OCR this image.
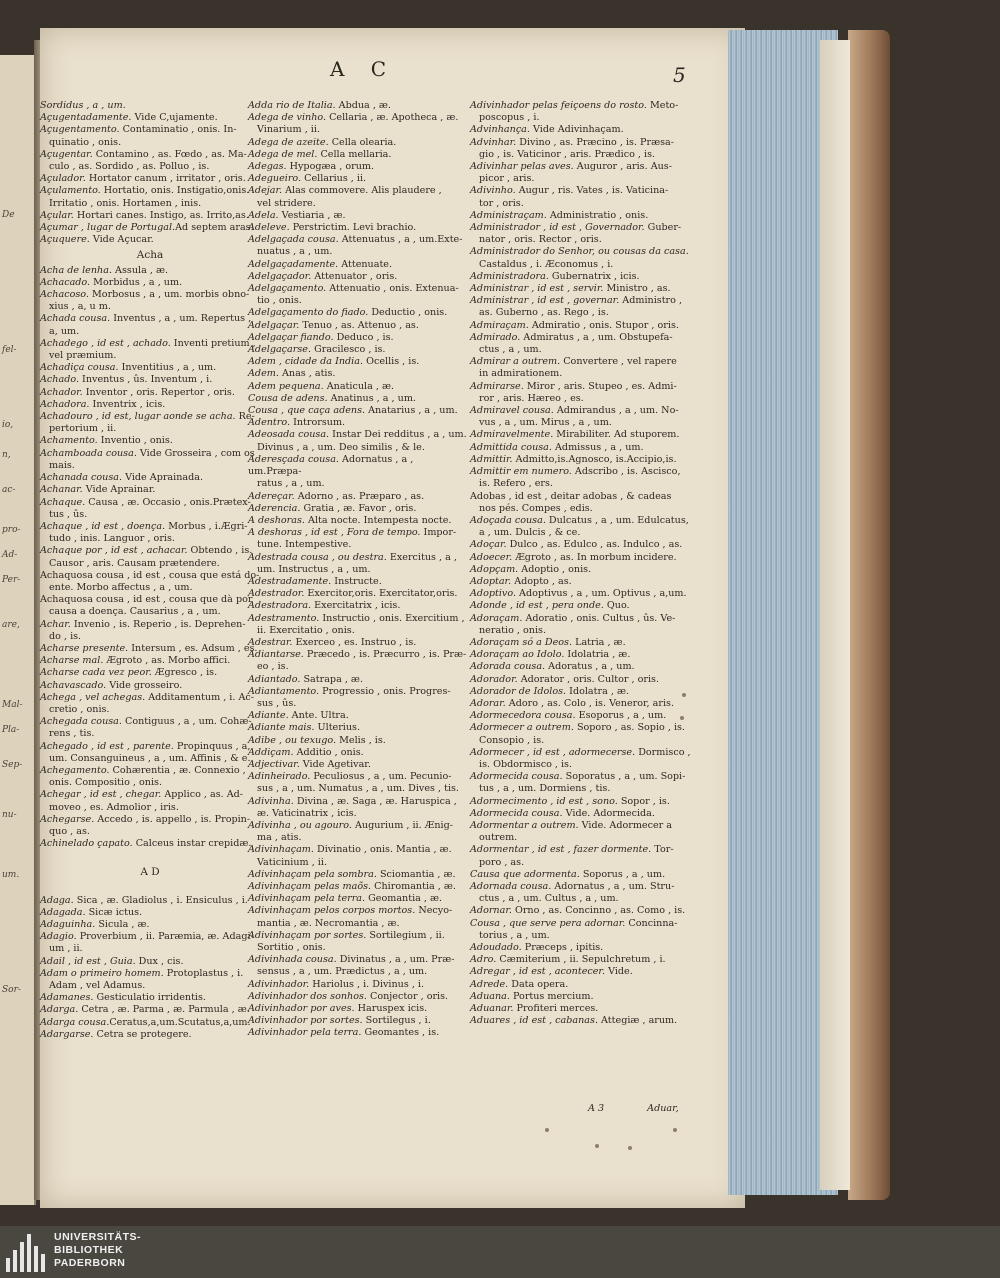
De
fel-
io,
n,
ac-
pro-
Ad-
Per-
are,
Mal-
Pla-
Sep-
nu-
um.
Sor-
A C	5
Sordidus , a , um.
Açugentadamente. Vide C,ujamente.
Açugentamento. Contaminatio , onis. In-
quinatio , onis.
Açugentar. Contamino , as. Fœdo , as. Ma-
culo , as. Sordido , as. Polluo , is.
Açulador. Hortator canum , irritator , oris.
Açulamento. Hortatio, onis. Instigatio,onis.
Irritatio , onis. Hortamen , inis.
Açular. Hortari canes. Instigo, as. Irrito,as.
Açumar , lugar de Portugal.Ad septem aras.
Açuquere. Vide Açucar.
Acha
Acha de lenha. Assula , æ.
Achacado. Morbidus , a , um.
Achacoso. Morbosus , a , um. morbis obno-
xius , a, u m.
Achada cousa. Inventus , a , um. Repertus ,
a, um.
Achadego , id est , achado. Inventi pretium ,
vel præmium.
Achadiça cousa. Inventitius , a , um.
Achado. Inventus , ûs. Inventum , i.
Achador. Inventor , oris. Repertor , oris.
Achadora. Inventrix , icis.
Achadouro , id est, lugar aonde se acha. Re-
pertorium , ii.
Achamento. Inventio , onis.
Achamboada cousa. Vide Grosseira , com os
mais.
Achanada cousa. Vide Aprainada.
Achanar. Vide Aprainar.
Achaque. Causa , æ. Occasio , onis.Prætex-
tus , ûs.
Achaque , id est , doença. Morbus , i.Ægri-
tudo , inis. Languor , oris.
Achaque por , id est , achacar. Obtendo , is.
Causor , aris. Causam prætendere.
Achaquosa cousa , id est , cousa que está do-
ente. Morbo affectus , a , um.
Achaquosa cousa , id est , cousa que dà por
causa a doença. Causarius , a , um.
Achar. Invenio , is. Reperio , is. Deprehen-
do , is.
Acharse presente. Intersum , es. Adsum , es.
Acharse mal. Ægroto , as. Morbo affici.
Acharse cada vez peor. Ægresco , is.
Achavascado. Vide grosseiro.
Achega , vel achegas. Additamentum , i. Ac-
cretio , onis.
Achegada cousa. Contiguus , a , um. Cohæ-
rens , tis.
Achegado , id est , parente. Propinquus , a,
um. Consanguineus , a , um. Affinis , & e.
Achegamento. Cohærentia , æ. Connexio ,
onis. Compositio , onis.
Achegar , id est , chegar. Applico , as. Ad-
moveo , es. Admolior , iris.
Achegarse. Accedo , is. appello , is. Propin-
quo , as.
Achinelado çapato. Calceus instar crepidæ.
A D
Adaga. Sica , æ. Gladiolus , i. Ensiculus , i.
Adagada. Sicæ ictus.
Adaguinha. Sicula , æ.
Adagio. Proverbium , ii. Paræmia, æ. Adagi-
um , ii.
Adail , id est , Guia. Dux , cis.
Adam o primeiro homem. Protoplastus , i.
Adam , vel Adamus.
Adamanes. Gesticulatio irridentis.
Adarga. Cetra , æ. Parma , æ. Parmula , æ.
Adarga cousa.Ceratus,a,um.Scutatus,a,um.
Adargarse. Cetra se protegere.
Adda rio de Italia. Abdua , æ.
Adega de vinho. Cellaria , æ. Apotheca , æ.
Vinarium , ii.
Adega de azeite. Cella olearia.
Adega de mel. Cella mellaria.
Adegas. Hypogæa , orum.
Adegueiro. Cellarius , ii.
Adejar. Alas commovere. Alis plaudere ,
vel stridere.
Adela. Vestiaria , æ.
Adeleve. Perstrictim. Levi brachio.
Adelgaçada cousa. Attenuatus , a , um.Exte-
nuatus , a , um.
Adelgaçadamente. Attenuate.
Adelgaçador. Attenuator , oris.
Adelgaçamento. Attenuatio , onis. Extenua-
tio , onis.
Adelgaçamento do fiado. Deductio , onis.
Adelgaçar. Tenuo , as. Attenuo , as.
Adelgaçar fiando. Deduco , is.
Adelgaçarse. Gracilesco , is.
Adem , cidade da India. Ocellis , is.
Adem. Anas , atis.
Adem pequena. Anaticula , æ.
Cousa de adens. Anatinus , a , um.
Cousa , que caça adens. Anatarius , a , um.
Adentro. Introrsum.
Adeosada cousa. Instar Dei redditus , a , um.
Divinus , a , um. Deo similis , & le.
Aderesçada cousa. Adornatus , a , um.Præpa-
ratus , a , um.
Adereçar. Adorno , as. Præparo , as.
Aderencia. Gratia , æ. Favor , oris.
A deshoras. Alta nocte. Intempesta nocte.
A deshoras , id est , Fora de tempo. Impor-
tune. Intempestive.
Adestrada cousa , ou destra. Exercitus , a ,
um. Instructus , a , um.
Adestradamente. Instructe.
Adestrador. Exercitor,oris. Exercitator,oris.
Adestradora. Exercitatrix , icis.
Adestramento. Instructio , onis. Exercitium ,
ii. Exercitatio , onis.
Adestrar. Exerceo , es. Instruo , is.
Adiantarse. Præcedo , is. Præcurro , is. Præ-
eo , is.
Adiantado. Satrapa , æ.
Adiantamento. Progressio , onis. Progres-
sus , ûs.
Adiante. Ante. Ultra.
Adiante mais. Ulterius.
Adibe , ou texugo. Melis , is.
Addiçam. Additio , onis.
Adjectivar. Vide Agetivar.
Adinheirado. Peculiosus , a , um. Pecunio-
sus , a , um. Numatus , a , um. Dives , tis.
Adivinha. Divina , æ. Saga , æ. Haruspica ,
æ. Vaticinatrix , icis.
Adivinha , ou agouro. Augurium , ii. Ænig-
ma , atis.
Adivinhaçam. Divinatio , onis. Mantia , æ.
Vaticinium , ii.
Adivinhaçam pela sombra. Sciomantia , æ.
Adivinhaçam pelas maõs. Chiromantia , æ.
Adivinhaçam pela terra. Geomantia , æ.
Adivinhaçam pelos corpos mortos. Necyo-
mantia , æ. Necromantia , æ.
Adivinhaçam por sortes. Sortilegium , ii.
Sortitio , onis.
Adivinhada cousa. Divinatus , a , um. Præ-
sensus , a , um. Prædictus , a , um.
Adivinhador. Hariolus , i. Divinus , i.
Adivinhador dos sonhos. Conjector , oris.
Adivinhador por aves. Haruspex icis.
Adivinhador por sortes. Sortilegus , i.
Adivinhador pela terra. Geomantes , is.
Adivinhador pelas feiçoens do rosto. Meto-
poscopus , i.
Advinhança. Vide Adivinhaçam.
Advinhar. Divino , as. Præcino , is. Præsa-
gio , is. Vaticinor , aris. Prædico , is.
Adivinhar pelas aves. Auguror , aris. Aus-
picor , aris.
Adivinho. Augur , ris. Vates , is. Vaticina-
tor , oris.
Administraçam. Administratio , onis.
Administrador , id est , Governador. Guber-
nator , oris. Rector , oris.
Administrador do Senhor, ou cousas da casa.
Castaldus , i. Æconomus , i.
Administradora. Gubernatrix , icis.
Administrar , id est , servir. Ministro , as.
Administrar , id est , governar. Administro ,
as. Guberno , as. Rego , is.
Admiraçam. Admiratio , onis. Stupor , oris.
Admirado. Admiratus , a , um. Obstupefa-
ctus , a , um.
Admirar a outrem. Convertere , vel rapere
in admirationem.
Admirarse. Miror , aris. Stupeo , es. Admi-
ror , aris. Hæreo , es.
Admiravel cousa. Admirandus , a , um. No-
vus , a , um. Mirus , a , um.
Admiravelmente. Mirabiliter. Ad stuporem.
Admittida cousa. Admissus , a , um.
Admittir. Admitto,is.Agnosco, is.Accipio,is.
Admittir em numero. Adscribo , is. Ascisco,
is. Refero , ers.
Adobas , id est , deitar adobas , & cadeas
nos pés. Compes , edis.
Adoçada cousa. Dulcatus , a , um. Edulcatus,
a , um. Dulcis , & ce.
Adoçar. Dulco , as. Edulco , as. Indulco , as.
Adoecer. Ægroto , as. In morbum incidere.
Adopçam. Adoptio , onis.
Adoptar. Adopto , as.
Adoptivo. Adoptivus , a , um. Optivus , a,um.
Adonde , id est , pera onde. Quo.
Adoraçam. Adoratio , onis. Cultus , ûs. Ve-
neratio , onis.
Adoraçam só a Deos. Latria , æ.
Adoraçam ao Idolo. Idolatria , æ.
Adorada cousa. Adoratus , a , um.
Adorador. Adorator , oris. Cultor , oris.
Adorador de Idolos. Idolatra , æ.
Adorar. Adoro , as. Colo , is. Veneror, aris.
Adormecedora cousa. Esoporus , a , um.
Adormecer a outrem. Soporo , as. Sopio , is.
Consopio , is.
Adormecer , id est , adormecerse. Dormisco ,
is. Obdormisco , is.
Adormecida cousa. Soporatus , a , um. Sopi-
tus , a , um. Dormiens , tis.
Adormecimento , id est , sono. Sopor , is.
Adormecida cousa. Vide. Adormecida.
Adormentar a outrem. Vide. Adormecer a
outrem.
Adormentar , id est , fazer dormente. Tor-
poro , as.
Causa que adormenta. Soporus , a , um.
Adornada cousa. Adornatus , a , um. Stru-
ctus , a , um. Cultus , a , um.
Adornar. Orno , as. Concinno , as. Como , is.
Cousa , que serve pera adornar. Concinna-
torius , a , um.
Adoudado. Præceps , ipitis.
Adro. Cæmiterium , ii. Sepulchretum , i.
Adregar , id est , acontecer. Vide.
Adrede. Data opera.
Aduana. Portus mercium.
Aduanar. Profiteri merces.
Aduares , id est , cabanas. Attegiæ , arum.
A 3	Aduar,
UNIVERSITÄTS-
BIBLIOTHEK
PADERBORN
